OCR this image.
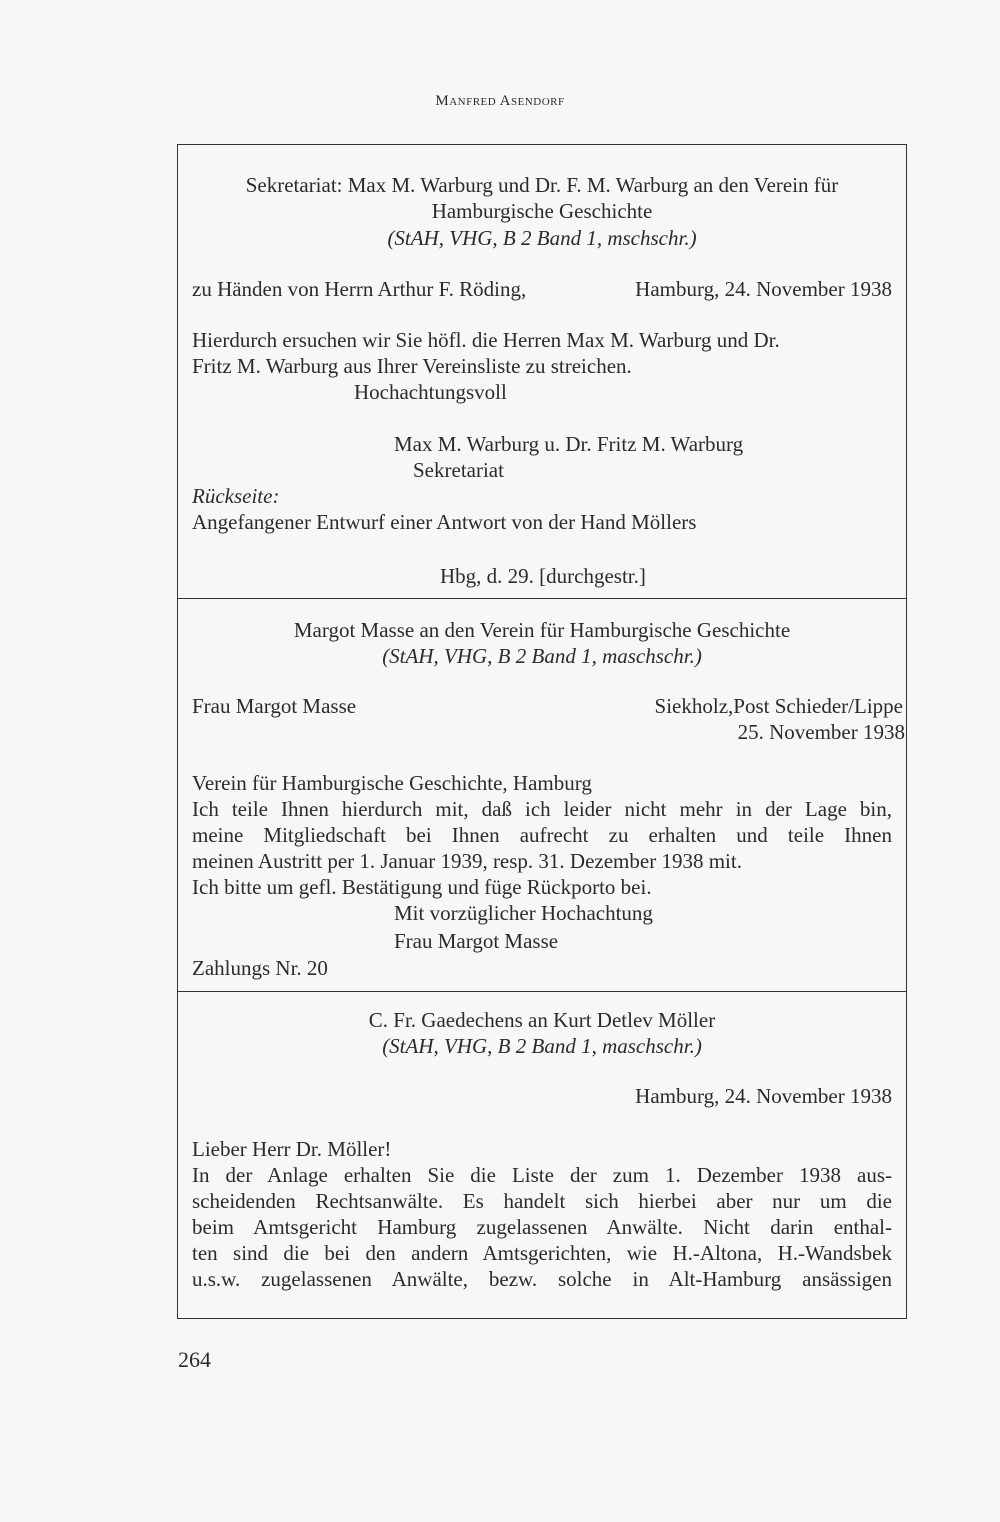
Manfred Asendorf
Sekretariat: Max M. Warburg und Dr. F. M. Warburg an den Verein für
Hamburgische Geschichte
(StAH, VHG, B 2 Band 1, mschschr.)
zu Händen von Herrn Arthur F. Röding,	Hamburg, 24. November 1938
Hierdurch ersuchen wir Sie höfl. die Herren Max M. Warburg und Dr.
Fritz M. Warburg aus Ihrer Vereinsliste zu streichen.
Hochachtungsvoll
Max M. Warburg u. Dr. Fritz M. Warburg
Sekretariat
Rückseite:
Angefangener Entwurf einer Antwort von der Hand Möllers
Hbg, d. 29. [durchgestr.]
Margot Masse an den Verein für Hamburgische Geschichte
(StAH, VHG, B 2 Band 1, maschschr.)
Frau Margot Masse	Siekholz,Post Schieder/Lippe
25. November 1938
Verein für Hamburgische Geschichte, Hamburg
Ich teile Ihnen hierdurch mit, daß ich leider nicht mehr in der Lage bin,
meine Mitgliedschaft bei Ihnen aufrecht zu erhalten und teile Ihnen
meinen Austritt per 1. Januar 1939, resp. 31. Dezember 1938 mit.
Ich bitte um gefl. Bestätigung und füge Rückporto bei.
Mit vorzüglicher Hochachtung
Frau Margot Masse
Zahlungs Nr. 20
C. Fr. Gaedechens an Kurt Detlev Möller
(StAH, VHG, B 2 Band 1, maschschr.)
Hamburg, 24. November 1938
Lieber Herr Dr. Möller!
In der Anlage erhalten Sie die Liste der zum 1. Dezember 1938 aus-
scheidenden Rechtsanwälte. Es handelt sich hierbei aber nur um die
beim Amtsgericht Hamburg zugelassenen Anwälte. Nicht darin enthal-
ten sind die bei den andern Amtsgerichten, wie H.-Altona, H.-Wandsbek
u.s.w. zugelassenen Anwälte, bezw. solche in Alt-Hamburg ansässigen
264
